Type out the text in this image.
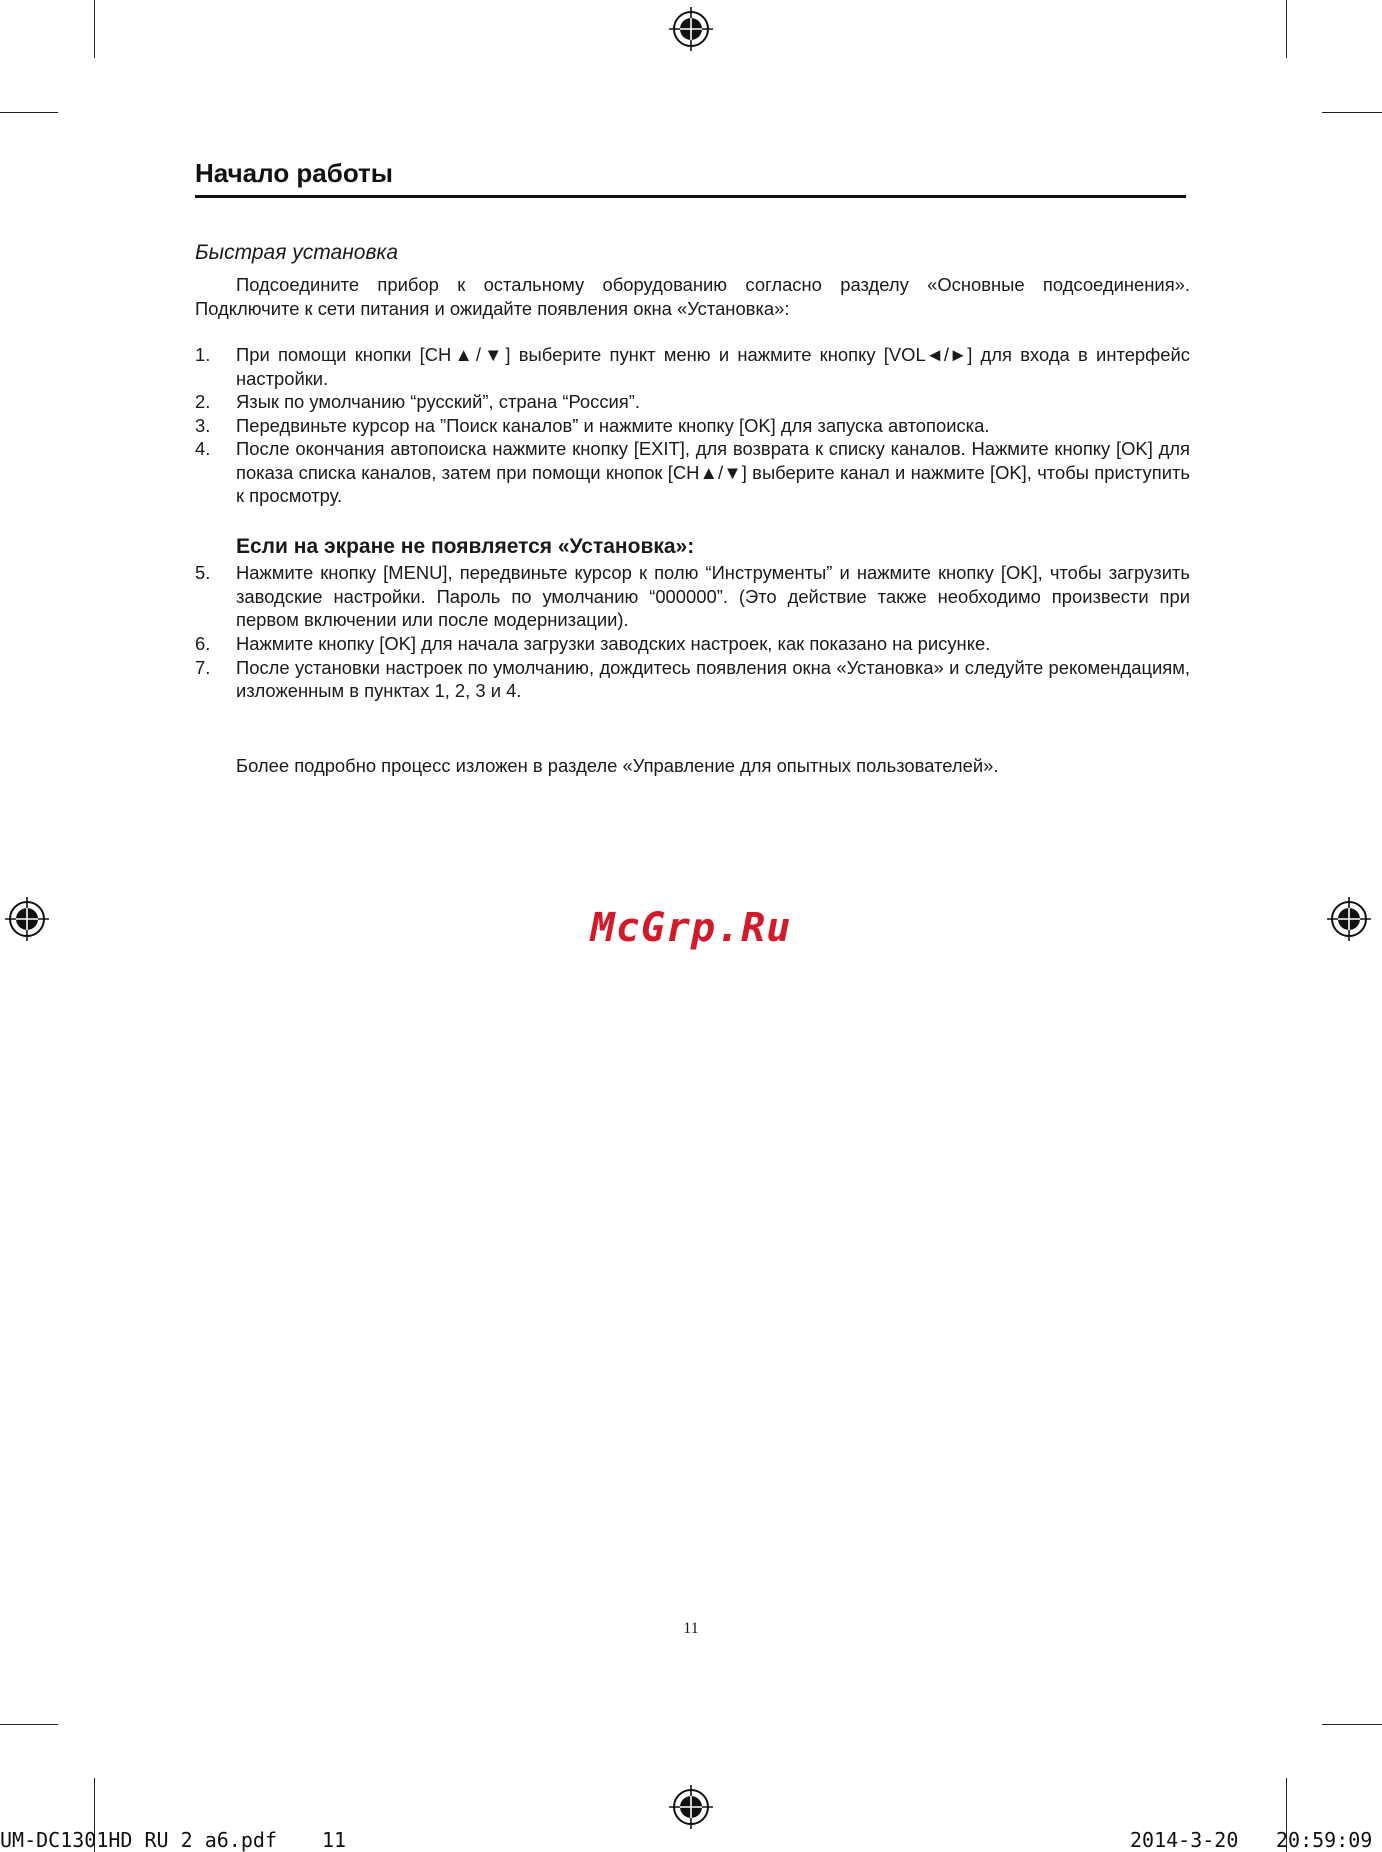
Начало работы
Быстрая установка
Подсоедините прибор к остальному оборудованию согласно разделу «Основные подсоединения». Подключите к сети питания и ожидайте появления окна «Установка»:
1. При помощи кнопки [CH▲/▼] выберите пункт меню и нажмите кнопку [VOL◄/►] для входа в интерфейс настройки.
2. Язык по умолчанию “русский”, страна “Россия”.
3. Передвиньте курсор на ”Поиск каналов” и нажмите кнопку [OK] для запуска автопоиска.
4. После окончания автопоиска нажмите кнопку [EXIT], для возврата к списку каналов. Нажмите кнопку [OK] для показа списка каналов, затем при помощи кнопок [CH▲/▼] выберите канал и нажмите [OK], чтобы приступить к просмотру.
Если на экране не появляется «Установка»:
5. Нажмите кнопку [MENU], передвиньте курсор к полю “Инструменты” и нажмите кнопку [OK], чтобы загрузить заводские настройки. Пароль по умолчанию “000000”. (Это действие также необходимо произвести при первом включении или после модернизации).
6. Нажмите кнопку [OK] для начала загрузки заводских настроек, как показано на рисунке.
7. После установки настроек по умолчанию, дождитесь появления окна «Установка» и следуйте рекомендациям, изложенным в пунктах 1, 2, 3 и 4.
Более подробно процесс изложен в разделе «Управление для опытных пользователей».
McGrp.Ru
11
UM-DC1301HD RU 2 a6.pdf 11	2014-3-20 20:59:09
